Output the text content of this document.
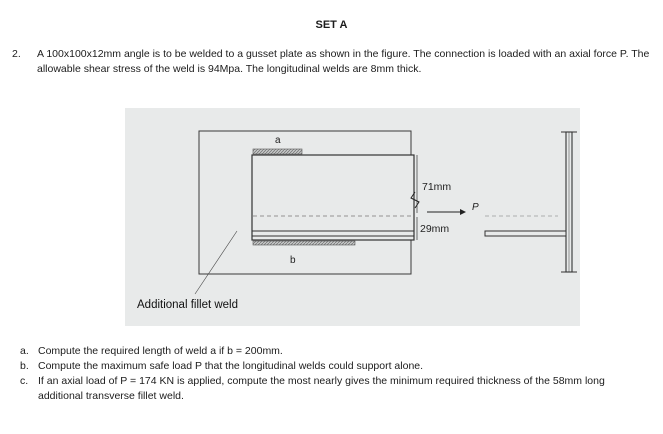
SET A
2. A 100x100x12mm angle is to be welded to a gusset plate as shown in the figure. The connection is loaded with an axial force P. The allowable shear stress of the weld is 94Mpa. The longitudinal welds are 8mm thick.
a
b
71mm
29mm
P
Additional fillet weld
a. Compute the required length of weld a if b = 200mm.
b. Compute the maximum safe load P that the longitudinal welds could support alone.
c. If an axial load of P = 174 KN is applied, compute the most nearly gives the minimum required thickness of the 58mm long additional transverse fillet weld.
